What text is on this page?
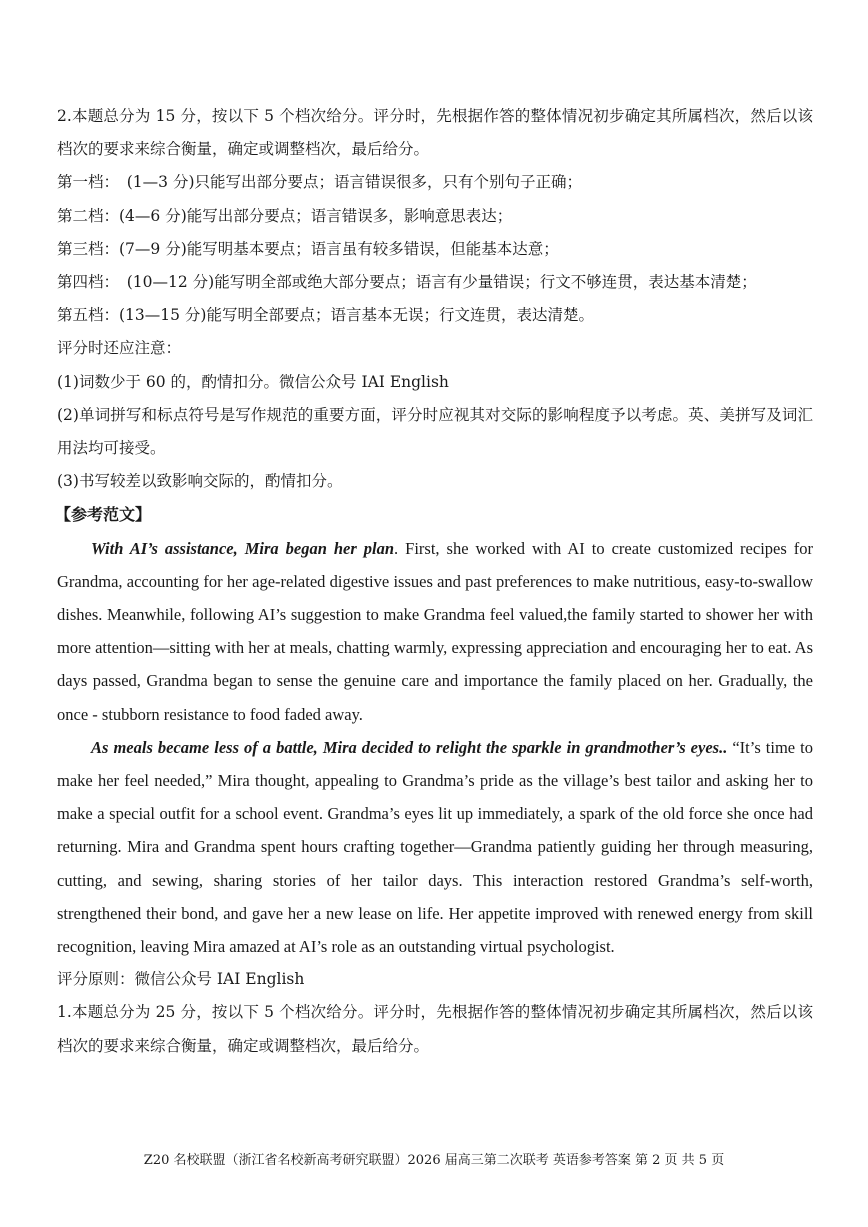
2.本题总分为 15 分，按以下 5 个档次给分。评分时，先根据作答的整体情况初步确定其所属档次，然后以该档次的要求来综合衡量，确定或调整档次，最后给分。
第一档：　(1—3 分)只能写出部分要点；语言错误很多，只有个别句子正确；
第二档：(4—6 分)能写出部分要点；语言错误多，影响意思表达；
第三档：(7—9 分)能写明基本要点；语言虽有较多错误，但能基本达意；
第四档：　(10—12 分)能写明全部或绝大部分要点；语言有少量错误；行文不够连贯，表达基本清楚；
第五档：(13—15 分)能写明全部要点；语言基本无误；行文连贯，表达清楚。
评分时还应注意：
(1)词数少于 60 的，酌情扣分。微信公众号 IAI English
(2)单词拼写和标点符号是写作规范的重要方面，评分时应视其对交际的影响程度予以考虑。英、美拼写及词汇用法均可接受。
(3)书写较差以致影响交际的，酌情扣分。
【参考范文】
With AI’s assistance, Mira began her plan. First, she worked with AI to create customized recipes for Grandma, accounting for her age-related digestive issues and past preferences to make nutritious, easy-to-swallow dishes. Meanwhile, following AI’s suggestion to make Grandma feel valued,the family started to shower her with more attention—sitting with her at meals, chatting warmly, expressing appreciation and encouraging her to eat. As days passed, Grandma began to sense the genuine care and importance the family placed on her. Gradually, the once - stubborn resistance to food faded away.
As meals became less of a battle, Mira decided to relight the sparkle in grandmother’s eyes.. “It’s time to make her feel needed,” Mira thought, appealing to Grandma’s pride as the village’s best tailor and asking her to make a special outfit for a school event. Grandma’s eyes lit up immediately, a spark of the old force she once had returning. Mira and Grandma spent hours crafting together—Grandma patiently guiding her through measuring, cutting, and sewing, sharing stories of her tailor days. This interaction restored Grandma’s self-worth, strengthened their bond, and gave her a new lease on life. Her appetite improved with renewed energy from skill recognition, leaving Mira amazed at AI’s role as an outstanding virtual psychologist.
评分原则：微信公众号 IAI English
1.本题总分为 25 分，按以下 5 个档次给分。评分时，先根据作答的整体情况初步确定其所属档次，然后以该档次的要求来综合衡量，确定或调整档次，最后给分。
Z20 名校联盟（浙江省名校新高考研究联盟）2026 届高三第二次联考 英语参考答案 第 2 页 共 5 页
